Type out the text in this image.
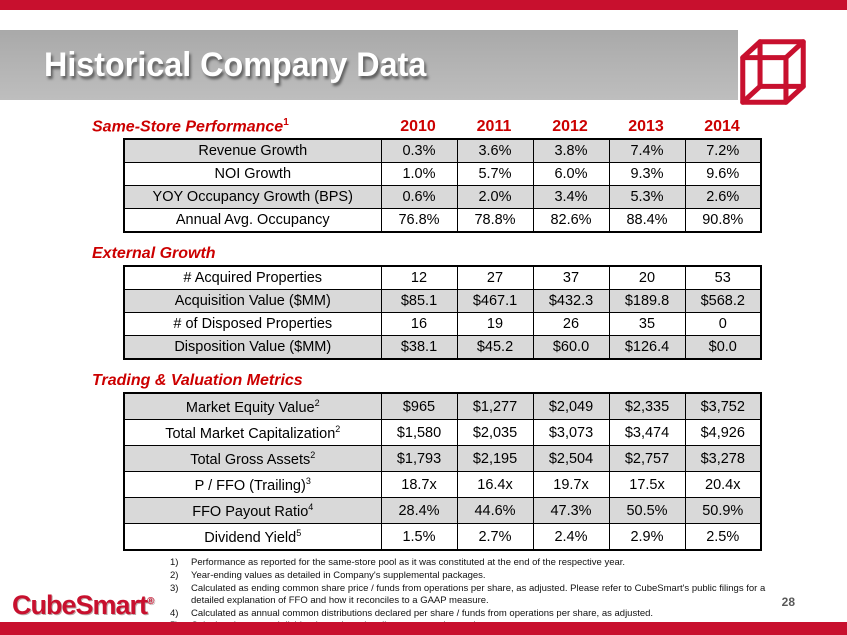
Historical Company Data
Same-Store Performance$^1$	2010	2011	2012	2013	2014
Revenue Growth	0.3%	3.6%	3.8%	7.4%	7.2%
NOI Growth	1.0%	5.7%	6.0%	9.3%	9.6%
YOY Occupancy Growth (BPS)	0.6%	2.0%	3.4%	5.3%	2.6%
Annual Avg. Occupancy	76.8%	78.8%	82.6%	88.4%	90.8%
External Growth
# Acquired Properties	12	27	37	20	53
Acquisition Value ($MM)	$85.1	$467.1	$432.3	$189.8	$568.2
# of Disposed Properties	16	19	26	35	0
Disposition Value ($MM)	$38.1	$45.2	$60.0	$126.4	$0.0
Trading & Valuation Metrics
Market Equity Value$^2$	$965	$1,277	$2,049	$2,335	$3,752
Total Market Capitalization$^2$	$1,580	$2,035	$3,073	$3,474	$4,926
Total Gross Assets$^2$	$1,793	$2,195	$2,504	$2,757	$3,278
P / FFO (Trailing)$^3$	18.7x	16.4x	19.7x	17.5x	20.4x
FFO Payout Ratio$^4$	28.4%	44.6%	47.3%	50.5%	50.9%
Dividend Yield$^5$	1.5%	2.7%	2.4%	2.9%	2.5%
1)	Performance as reported for the same-store pool as it was constituted at the end of the respective year.
2)	Year-ending values as detailed in Company's supplemental packages.
3)	Calculated as ending common share price / funds from operations per share, as adjusted. Please refer to CubeSmart's public filings for a detailed explanation of FFO and how it reconciles to a GAAP measure.
4)	Calculated as annual common distributions declared per share / funds from operations per share, as adjusted.
CubeSmart®	28
